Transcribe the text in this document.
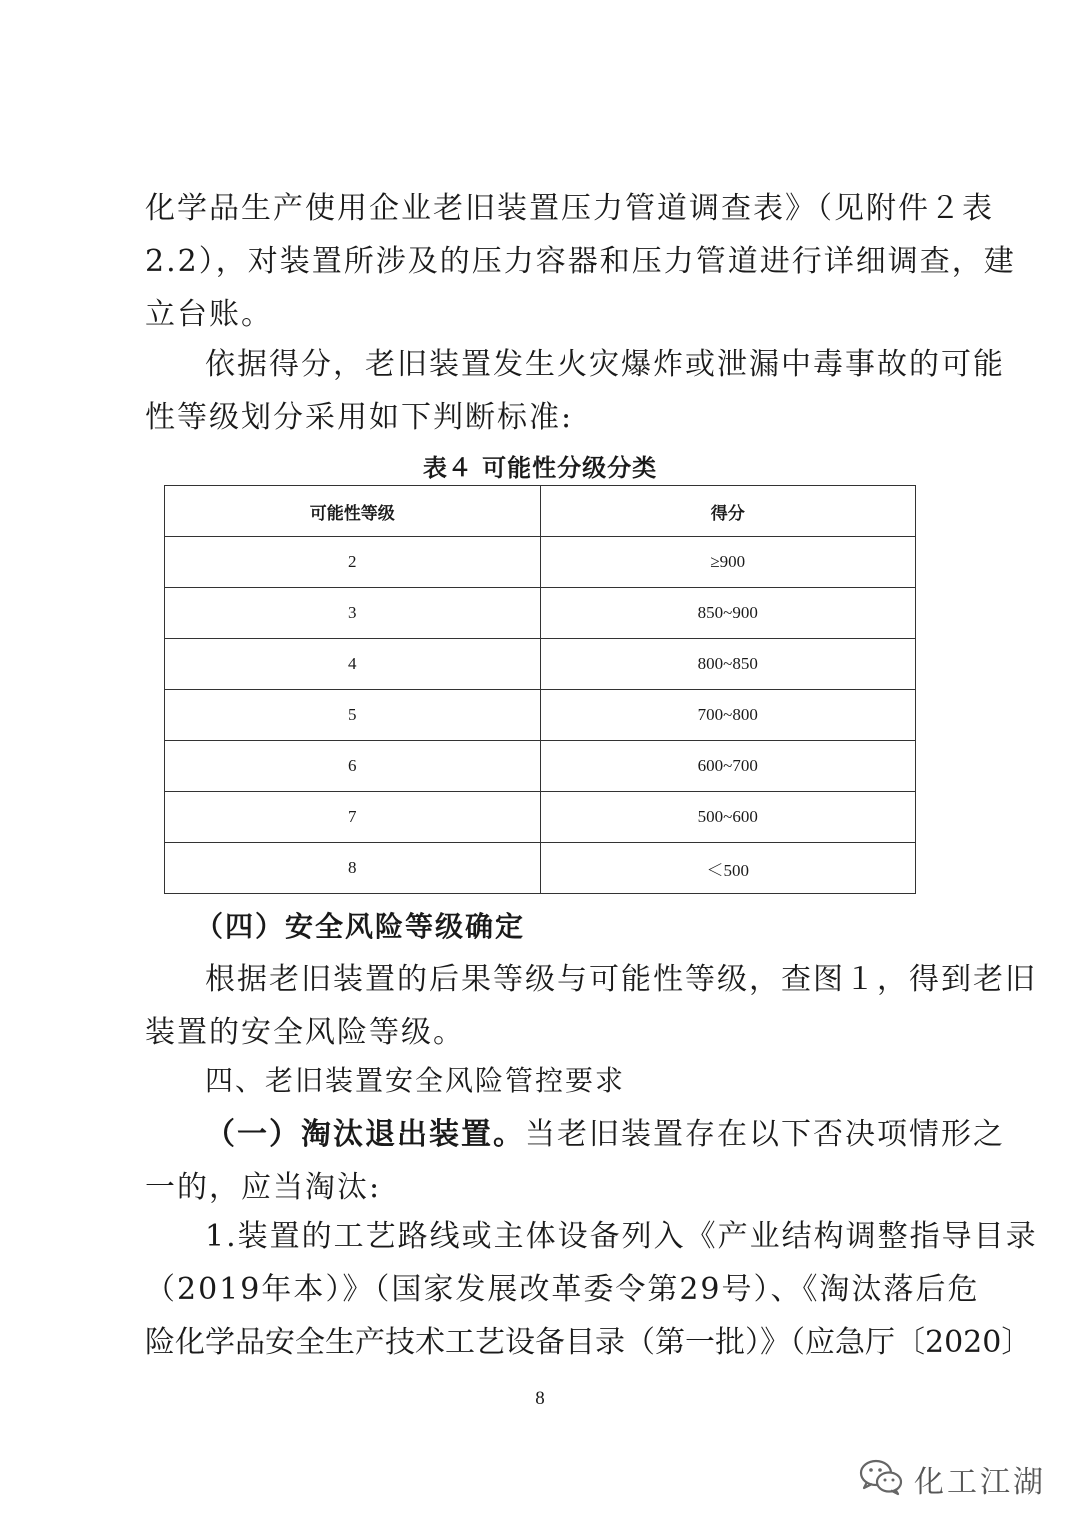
化学品生产使用企业老旧装置压力管道调查表》（见附件２表
2.2），对装置所涉及的压力容器和压力管道进行详细调查，建
立台账。
依据得分，老旧装置发生火灾爆炸或泄漏中毒事故的可能
性等级划分采用如下判断标准:
表４ 可能性分级分类
可能性等级	得分
2	≥900
3	850~900
4	800~850
5	700~800
6	600~700
7	500~600
8	＜500
（四）安全风险等级确定
根据老旧装置的后果等级与可能性等级，查图１，得到老旧
装置的安全风险等级。
四、老旧装置安全风险管控要求
（一）淘汰退出装置。当老旧装置存在以下否决项情形之
一的，应当淘汰:
1.装置的工艺路线或主体设备列入《产业结构调整指导目录
（2019年本）》（国家发展改革委令第29号）、《淘汰落后危
险化学品安全生产技术工艺设备目录（第一批）》（应急厅〔2020〕
8
化工江湖
